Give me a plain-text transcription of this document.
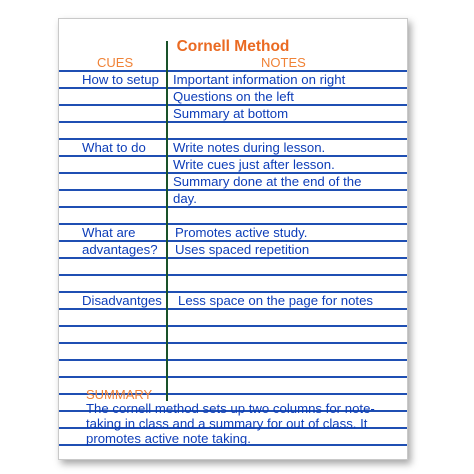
Cornell Method

CUES	NOTES

How to setup Important information on right

Questions on the left

Summary at bottom

What to do Write notes during lesson.

Write cues just after lesson.

Summary done at the end of the

day.

What are

advantages?

Promotes active study.

Uses spaced repetition

Disadvantges Less space on the page for notes

SUMMARY

The cornell method sets up two columns for note-

taking in class and a summary for out of class. It

promotes active note taking.
